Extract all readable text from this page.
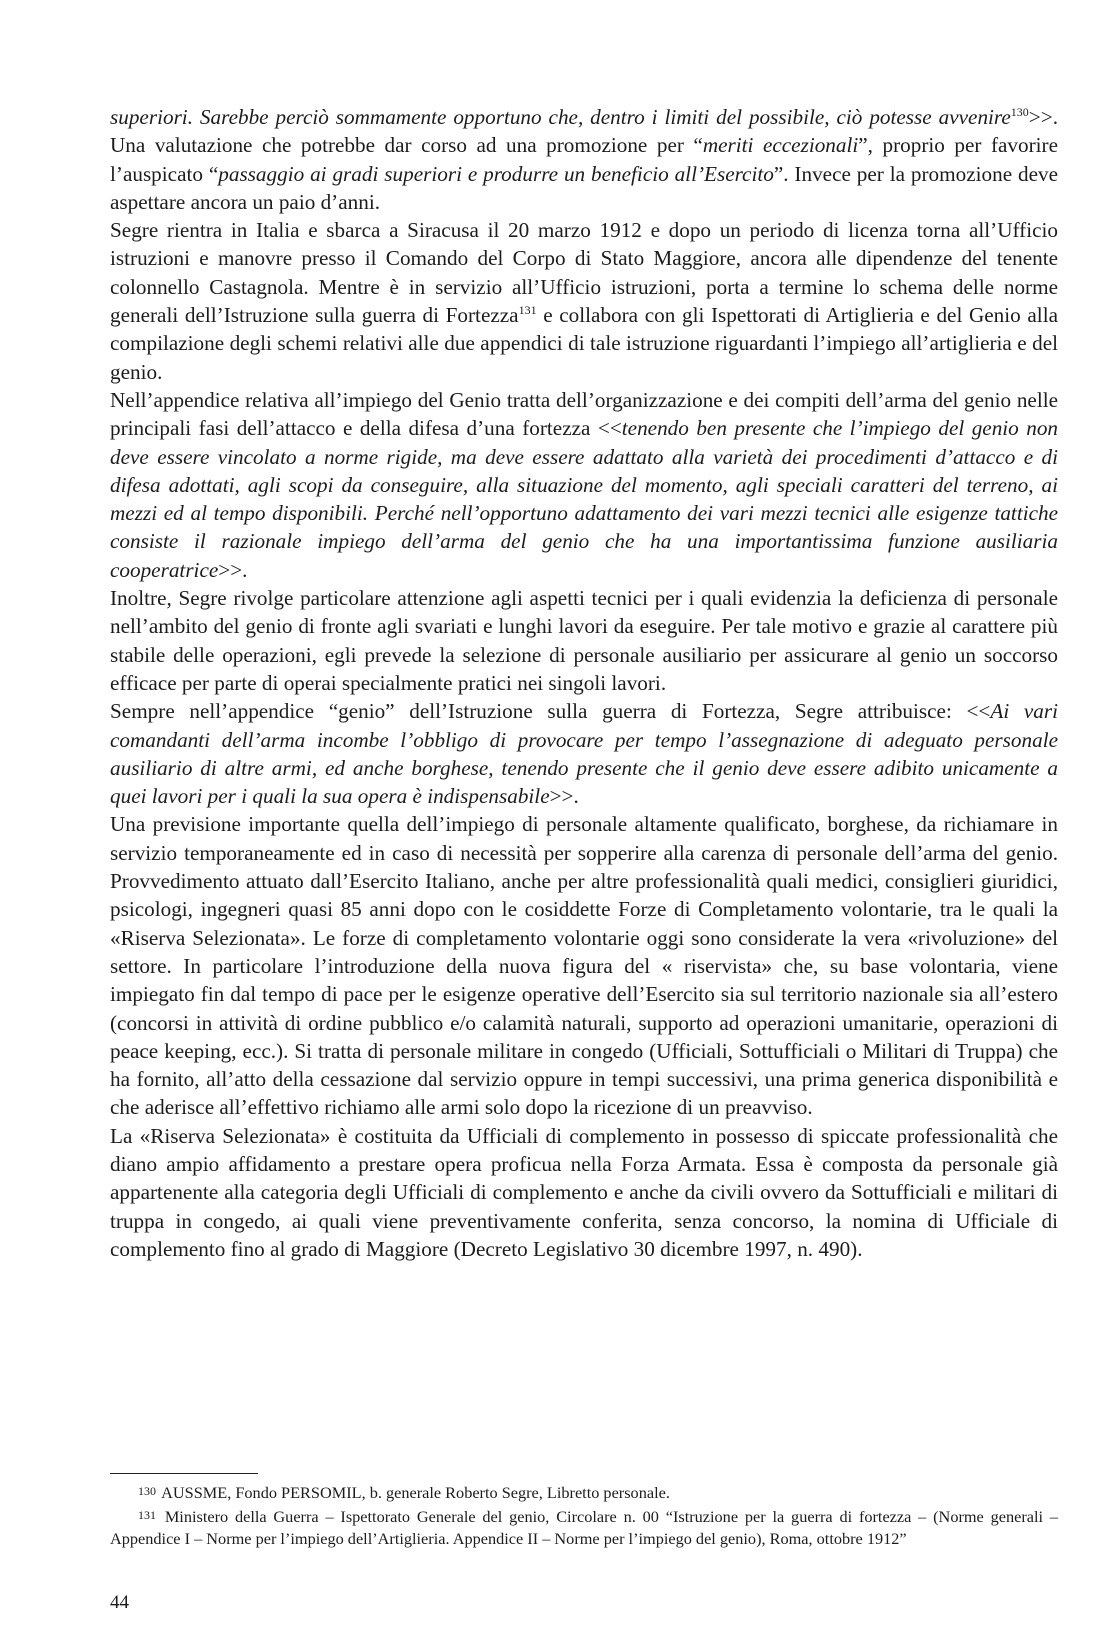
superiori. Sarebbe perciò sommamente opportuno che, dentro i limiti del possibile, ciò potesse avvenire$^{130}$>>. Una valutazione che potrebbe dar corso ad una promozione per “meriti eccezionali”, proprio per favorire l’auspicato “passaggio ai gradi superiori e produrre un beneficio all’Esercito”. Invece per la promozione deve aspettare ancora un paio d’anni.

Segre rientra in Italia e sbarca a Siracusa il 20 marzo 1912 e dopo un periodo di licenza torna all’Ufficio istruzioni e manovre presso il Comando del Corpo di Stato Maggiore, ancora alle dipendenze del tenente colonnello Castagnola. Mentre è in servizio all’Ufficio istruzioni, porta a termine lo schema delle norme generali dell’Istruzione sulla guerra di Fortezza$^{131}$ e collabora con gli Ispettorati di Artiglieria e del Genio alla compilazione degli schemi relativi alle due appendici di tale istruzione riguardanti l’impiego all’artiglieria e del genio.

Nell’appendice relativa all’impiego del Genio tratta dell’organizzazione e dei compiti dell’arma del genio nelle principali fasi dell’attacco e della difesa d’una fortezza <<tenendo ben presente che l’impiego del genio non deve essere vincolato a norme rigide, ma deve essere adattato alla varietà dei procedimenti d’attacco e di difesa adottati, agli scopi da conseguire, alla situazione del momento, agli speciali caratteri del terreno, ai mezzi ed al tempo disponibili. Perché nell’opportuno adattamento dei vari mezzi tecnici alle esigenze tattiche consiste il razionale impiego dell’arma del genio che ha una importantissima funzione ausiliaria cooperatrice>>.

Inoltre, Segre rivolge particolare attenzione agli aspetti tecnici per i quali evidenzia la deficienza di personale nell’ambito del genio di fronte agli svariati e lunghi lavori da eseguire. Per tale motivo e grazie al carattere più stabile delle operazioni, egli prevede la selezione di personale ausiliario per assicurare al genio un soccorso efficace per parte di operai specialmente pratici nei singoli lavori.

Sempre nell’appendice “genio” dell’Istruzione sulla guerra di Fortezza, Segre attribuisce: <<Ai vari comandanti dell’arma incombe l’obbligo di provocare per tempo l’assegnazione di adeguato personale ausiliario di altre armi, ed anche borghese, tenendo presente che il genio deve essere adibito unicamente a quei lavori per i quali la sua opera è indispensabile>>.

Una previsione importante quella dell’impiego di personale altamente qualificato, borghese, da richiamare in servizio temporaneamente ed in caso di necessità per sopperire alla carenza di personale dell’arma del genio. Provvedimento attuato dall’Esercito Italiano, anche per altre professionalità quali medici, consiglieri giuridici, psicologi, ingegneri quasi 85 anni dopo con le cosiddette Forze di Completamento volontarie, tra le quali la «Riserva Selezionata». Le forze di completamento volontarie oggi sono considerate la vera «rivoluzione» del settore. In particolare l’introduzione della nuova figura del « riservista» che, su base volontaria, viene impiegato fin dal tempo di pace per le esigenze operative dell’Esercito sia sul territorio nazionale sia all’estero (concorsi in attività di ordine pubblico e/o calamità naturali, supporto ad operazioni umanitarie, operazioni di peace keeping, ecc.). Si tratta di personale militare in congedo (Ufficiali, Sottufficiali o Militari di Truppa) che ha fornito, all’atto della cessazione dal servizio oppure in tempi successivi, una prima generica disponibilità e che aderisce all’effettivo richiamo alle armi solo dopo la ricezione di un preavviso.

La «Riserva Selezionata» è costituita da Ufficiali di complemento in possesso di spiccate professionalità che diano ampio affidamento a prestare opera proficua nella Forza Armata. Essa è composta da personale già appartenente alla categoria degli Ufficiali di complemento e anche da civili ovvero da Sottufficiali e militari di truppa in congedo, ai quali viene preventivamente conferita, senza concorso, la nomina di Ufficiale di complemento fino al grado di Maggiore (Decreto Legislativo 30 dicembre 1997, n. 490).

130 AUSSME, Fondo PERSOMIL, b. generale Roberto Segre, Libretto personale.

131 Ministero della Guerra – Ispettorato Generale del genio, Circolare n. 00 “Istruzione per la guerra di fortezza – (Norme generali – Appendice I – Norme per l’impiego dell’Artiglieria. Appendice II – Norme per l’impiego del genio), Roma, ottobre 1912”

44
